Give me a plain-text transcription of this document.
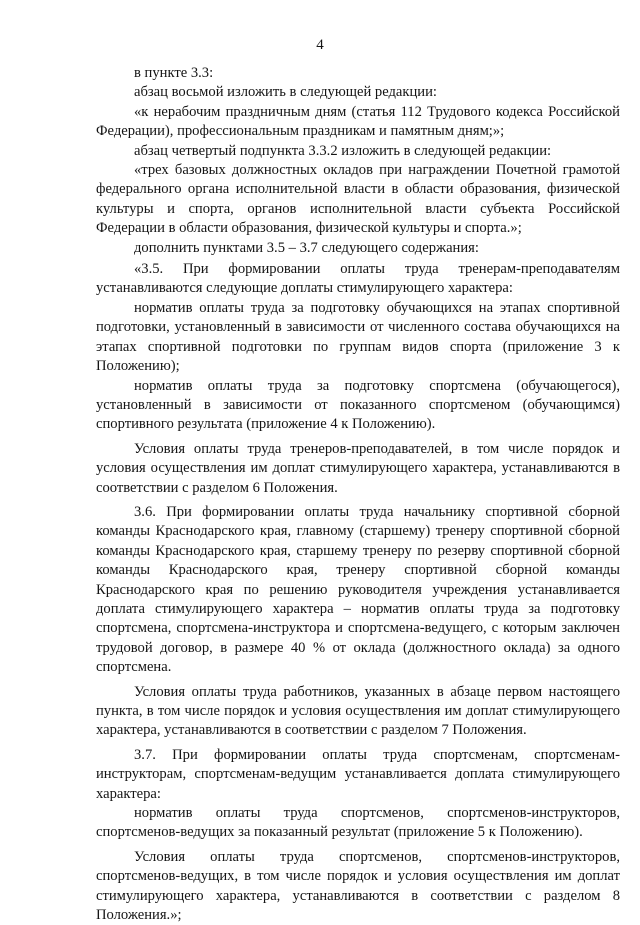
4

в пункте 3.3:

абзац восьмой изложить в следующей редакции:

«к нерабочим праздничным дням (статья 112 Трудового кодекса Российской Федерации), профессиональным праздникам и памятным дням;»;

абзац четвертый подпункта 3.3.2 изложить в следующей редакции:

«трех базовых должностных окладов при награждении Почетной грамотой федерального органа исполнительной власти в области образования, физической культуры и спорта, органов исполнительной власти субъекта Российской Федерации в области образования, физической культуры и спорта.»;

дополнить пунктами 3.5 – 3.7 следующего содержания:

«3.5. При формировании оплаты труда тренерам-преподавателям устанавливаются следующие доплаты стимулирующего характера:

норматив оплаты труда за подготовку обучающихся на этапах спортивной подготовки, установленный в зависимости от численного состава обучающихся на этапах спортивной подготовки по группам видов спорта (приложение 3 к Положению);

норматив оплаты труда за подготовку спортсмена (обучающегося), установленный в зависимости от показанного спортсменом (обучающимся) спортивного результата (приложение 4 к Положению).

Условия оплаты труда тренеров-преподавателей, в том числе порядок и условия осуществления им доплат стимулирующего характера, устанавливаются в соответствии с разделом 6 Положения.

3.6. При формировании оплаты труда начальнику спортивной сборной команды Краснодарского края, главному (старшему) тренеру спортивной сборной команды Краснодарского края, старшему тренеру по резерву спортивной сборной команды Краснодарского края, тренеру спортивной сборной команды Краснодарского края по решению руководителя учреждения устанавливается доплата стимулирующего характера – норматив оплаты труда за подготовку спортсмена, спортсмена-инструктора и спортсмена-ведущего, с которым заключен трудовой договор, в размере 40 % от оклада (должностного оклада) за одного спортсмена.

Условия оплаты труда работников, указанных в абзаце первом настоящего пункта, в том числе порядок и условия осуществления им доплат стимулирующего характера, устанавливаются в соответствии с разделом 7 Положения.

3.7. При формировании оплаты труда спортсменам, спортсменам-инструкторам, спортсменам-ведущим устанавливается доплата стимулирующего характера:

норматив оплаты труда спортсменов, спортсменов-инструкторов, спортсменов-ведущих за показанный результат (приложение 5 к Положению).

Условия оплаты труда спортсменов, спортсменов-инструкторов, спортсменов-ведущих, в том числе порядок и условия осуществления им доплат стимулирующего характера, устанавливаются в соответствии с разделом 8 Положения.»;
